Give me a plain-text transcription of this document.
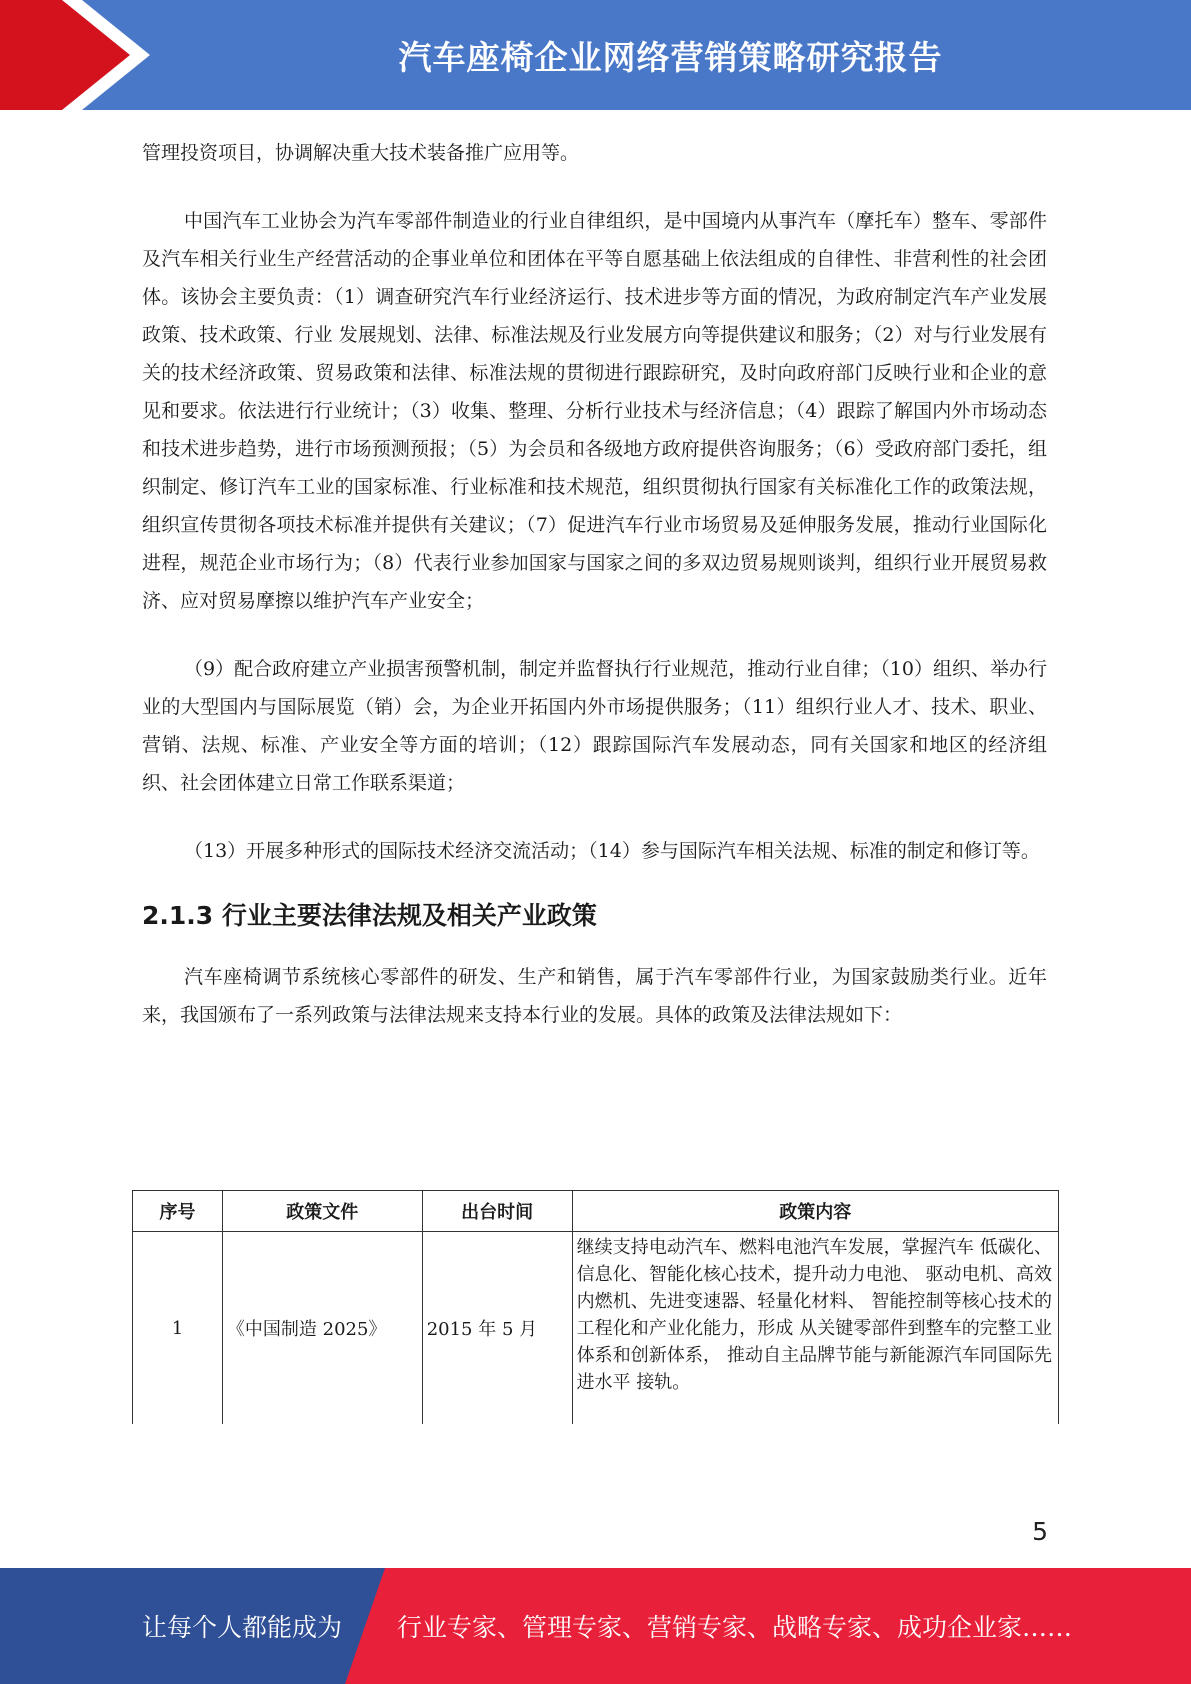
汽车座椅企业网络营销策略研究报告

管理投资项目，协调解决重大技术装备推广应用等。

中国汽车工业协会为汽车零部件制造业的行业自律组织，是中国境内从事汽车（摩托车）整车、零部件及汽车相关行业生产经营活动的企事业单位和团体在平等自愿基础上依法组成的自律性、非营利性的社会团体。该协会主要负责：（1）调查研究汽车行业经济运行、技术进步等方面的情况，为政府制定汽车产业发展政策、技术政策、行业 发展规划、法律、标准法规及行业发展方向等提供建议和服务；（2）对与行业发展有关的技术经济政策、贸易政策和法律、标准法规的贯彻进行跟踪研究，及时向政府部门反映行业和企业的意见和要求。依法进行行业统计；（3）收集、整理、分析行业技术与经济信息；（4）跟踪了解国内外市场动态和技术进步趋势，进行市场预测预报；（5）为会员和各级地方政府提供咨询服务；（6）受政府部门委托，组织制定、修订汽车工业的国家标准、行业标准和技术规范，组织贯彻执行国家有关标准化工作的政策法规，组织宣传贯彻各项技术标准并提供有关建议；（7）促进汽车行业市场贸易及延伸服务发展，推动行业国际化进程，规范企业市场行为；（8）代表行业参加国家与国家之间的多双边贸易规则谈判，组织行业开展贸易救济、应对贸易摩擦以维护汽车产业安全；

（9）配合政府建立产业损害预警机制，制定并监督执行行业规范，推动行业自律；（10）组织、举办行业的大型国内与国际展览（销）会，为企业开拓国内外市场提供服务；（11）组织行业人才、技术、职业、营销、法规、标准、产业安全等方面的培训；（12）跟踪国际汽车发展动态，同有关国家和地区的经济组织、社会团体建立日常工作联系渠道；

（13）开展多种形式的国际技术经济交流活动；（14）参与国际汽车相关法规、标准的制定和修订等。

2.1.3 行业主要法律法规及相关产业政策

汽车座椅调节系统核心零部件的研发、生产和销售，属于汽车零部件行业，为国家鼓励类行业。近年来，我国颁布了一系列政策与法律法规来支持本行业的发展。具体的政策及法律法规如下：

序号	政策文件	出台时间	政策内容
1	《中国制造 2025》	2015 年 5 月	继续支持电动汽车、燃料电池汽车发展，掌握汽车 低碳化、信息化、智能化核心技术，提升动力电池、 驱动电机、高效内燃机、先进变速器、轻量化材料、 智能控制等核心技术的工程化和产业化能力，形成 从关键零部件到整车的完整工业体系和创新体系， 推动自主品牌节能与新能源汽车同国际先进水平 接轨。
5
让每个人都能成为 行业专家、管理专家、营销专家、战略专家、成功企业家……
